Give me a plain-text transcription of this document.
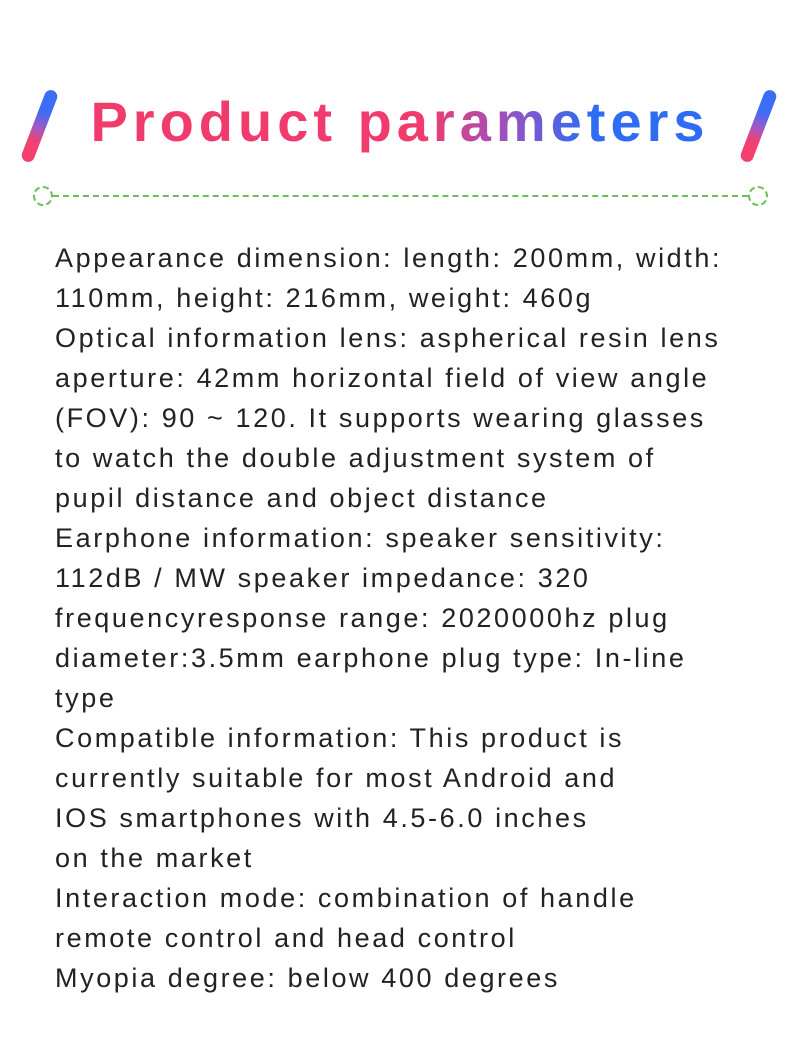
Product parameters
Appearance dimension: length: 200mm, width:
110mm, height: 216mm, weight: 460g
Optical information lens: aspherical resin lens
aperture: 42mm horizontal field of view angle
(FOV): 90 ~ 120. It supports wearing glasses
to watch the double adjustment system of
pupil distance and object distance
Earphone information: speaker sensitivity:
112dB / MW speaker impedance: 320
frequencyresponse range: 2020000hz plug
diameter:3.5mm earphone plug type: In-line
type
Compatible information: This product is
currently suitable for most Android and
IOS smartphones with 4.5-6.0 inches
on the market
Interaction mode: combination of handle
remote control and head control
Myopia degree: below 400 degrees
